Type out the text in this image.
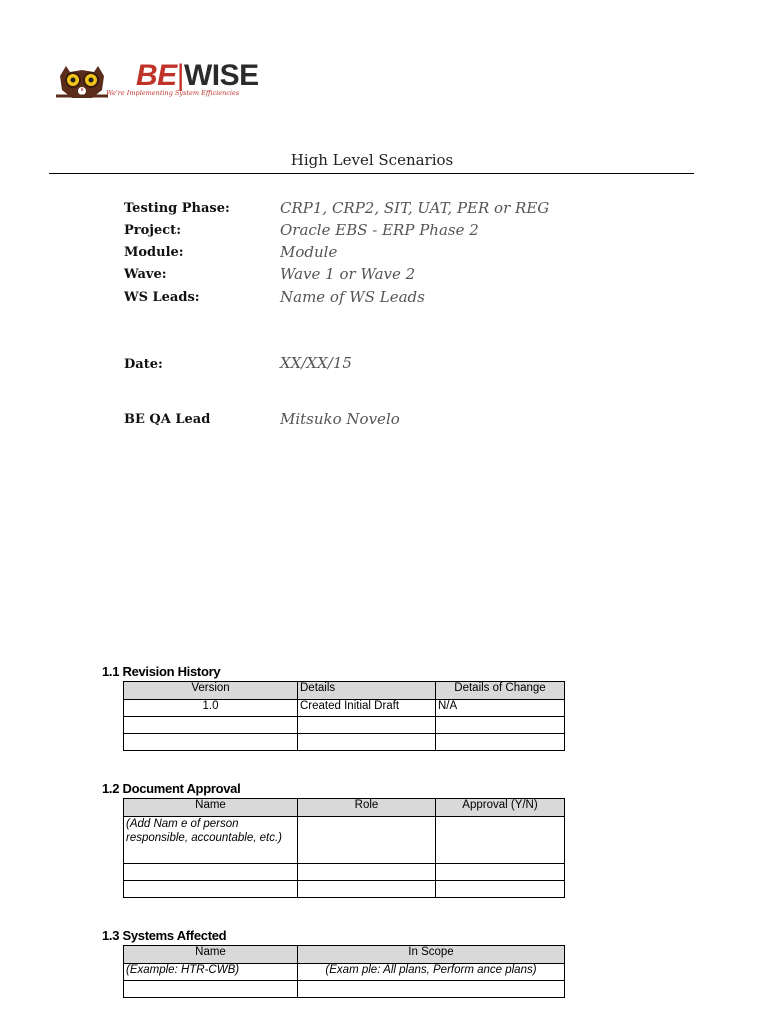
BE|WISE
We're Implementing System Efficiencies
High Level Scenarios
Testing Phase:	CRP1, CRP2, SIT, UAT, PER or REG
Project:	Oracle EBS - ERP Phase 2
Module:	Module
Wave:	Wave 1 or Wave 2
WS Leads:	Name of WS Leads
Date:	XX/XX/15
BE QA Lead	Mitsuko Novelo
1.1 Revision History
Version	Details	Details of Change
1.0	Created Initial Draft	N/A

1.2 Document Approval
Name	Role	Approval (Y/N)
(Add Nam e of person responsible, accountable, etc.)		

1.3 Systems Affected
Name	In Scope
(Example: HTR-CWB)	(Exam ple: All plans, Perform ance plans)
